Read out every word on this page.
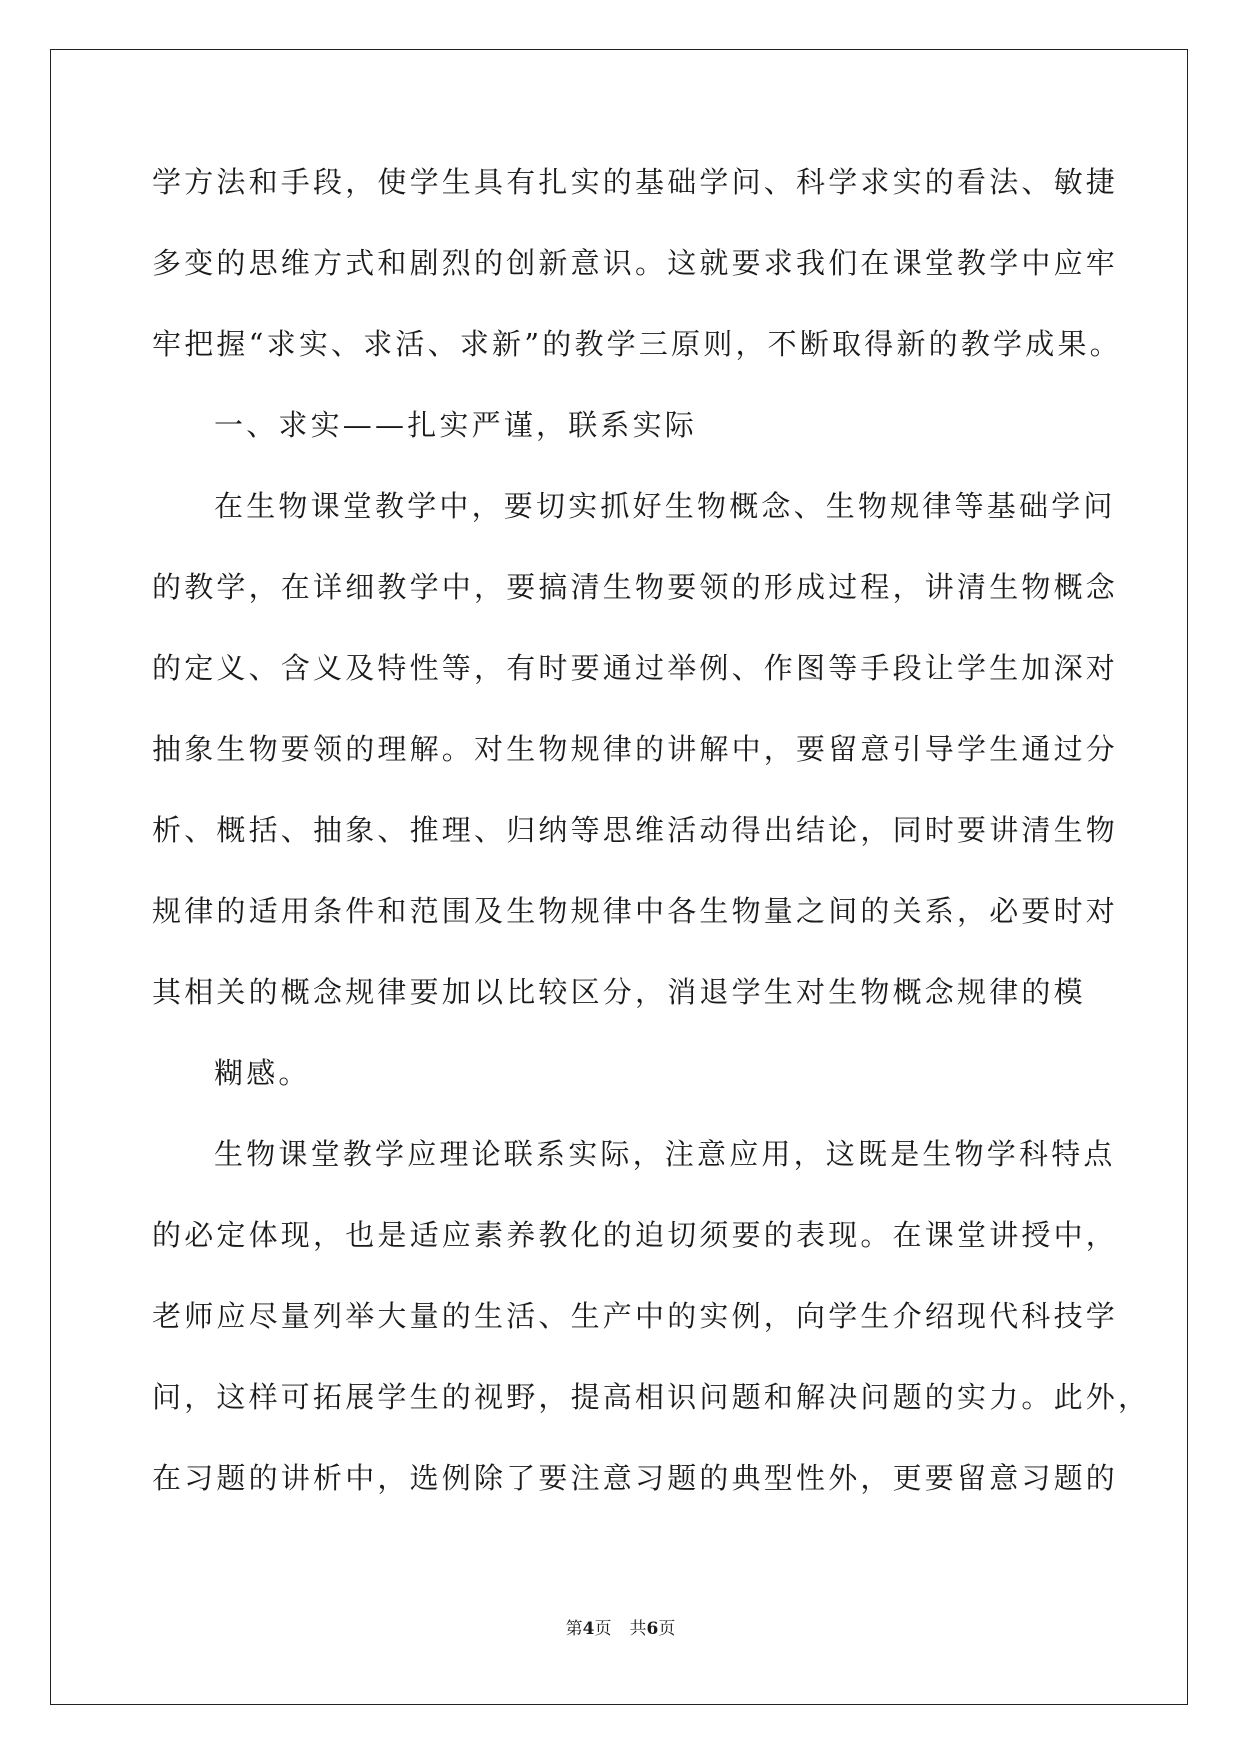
学方法和手段，使学生具有扎实的基础学问、科学求实的看法、敏捷
多变的思维方式和剧烈的创新意识。这就要求我们在课堂教学中应牢
牢把握“求实、求活、求新”的教学三原则，不断取得新的教学成果。
一、求实——扎实严谨，联系实际
在生物课堂教学中，要切实抓好生物概念、生物规律等基础学问
的教学，在详细教学中，要搞清生物要领的形成过程，讲清生物概念
的定义、含义及特性等，有时要通过举例、作图等手段让学生加深对
抽象生物要领的理解。对生物规律的讲解中，要留意引导学生通过分
析、概括、抽象、推理、归纳等思维活动得出结论，同时要讲清生物
规律的适用条件和范围及生物规律中各生物量之间的关系，必要时对
其相关的概念规律要加以比较区分，消退学生对生物概念规律的模
糊感。
生物课堂教学应理论联系实际，注意应用，这既是生物学科特点
的必定体现，也是适应素养教化的迫切须要的表现。在课堂讲授中，
老师应尽量列举大量的生活、生产中的实例，向学生介绍现代科技学
问，这样可拓展学生的视野，提高相识问题和解决问题的实力。此外，
在习题的讲析中，选例除了要注意习题的典型性外，更要留意习题的
第4页 共6页
